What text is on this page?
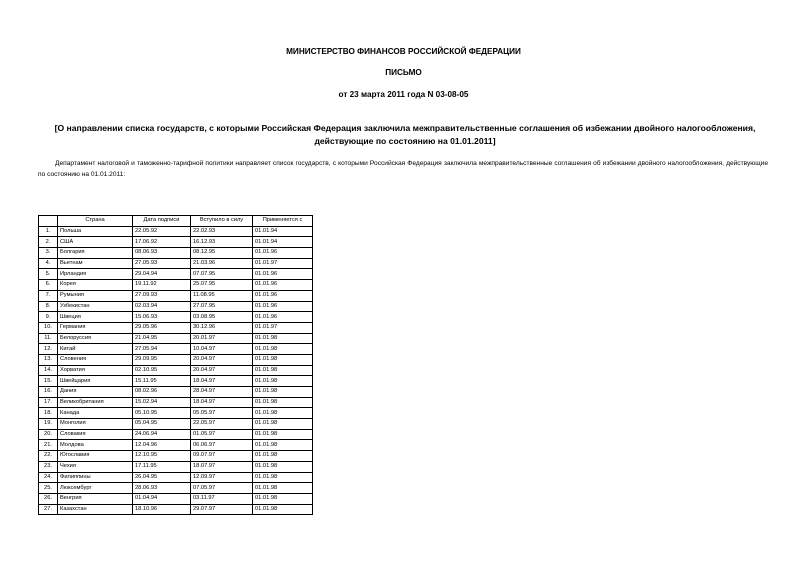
МИНИСТЕРСТВО ФИНАНСОВ РОССИЙСКОЙ ФЕДЕРАЦИИ
ПИСЬМО
от 23 марта 2011 года N 03-08-05
[О направлении списка государств, с которыми Российская Федерация заключила межправительственные соглашения об избежании двойного налогообложения, действующие по состоянию на 01.01.2011]
Департамент налоговой и таможенно-тарифной политики направляет список государств, с которыми Российская Федерация заключила межправительственные соглашения об избежании двойного налогообложения, действующие по состоянию на 01.01.2011:
	Страна	Дата подписи	Вступило в силу	Применяется с
1.	Польша	22.05.92	22.02.93	01.01.94
2.	США	17.06.92	16.12.93	01.01.94
3.	Болгария	08.06.93	08.12.95	01.01.96
4.	Вьетнам	27.05.93	21.03.96	01.01.97
5.	Ирландия	29.04.94	07.07.95	01.01.96
6.	Корея	19.11.92	25.07.95	01.01.96
7.	Румыния	27.09.93	11.08.95	01.01.96
8.	Узбекистан	02.03.94	27.07.95	01.01.96
9.	Швеция	15.06.93	03.08.95	01.01.96
10.	Германия	29.05.96	30.12.96	01.01.97
11.	Белоруссия	21.04.95	20.01.97	01.01.98
12.	Китай	27.05.94	10.04.97	01.01.98
13.	Словения	29.09.95	20.04.97	01.01.98
14.	Хорватия	02.10.95	20.04.97	01.01.98
15.	Швейцария	15.11.95	18.04.97	01.01.98
16.	Дания	08.02.96	28.04.97	01.01.98
17.	Великобритания	15.02.94	18.04.97	01.01.98
18.	Канада	05.10.95	05.05.97	01.01.98
19.	Монголия	05.04.95	22.05.97	01.01.98
20.	Словакия	24.06.94	01.05.97	01.01.98
21.	Молдова	12.04.96	06.06.97	01.01.98
22.	Югославия	12.10.95	09.07.97	01.01.98
23.	Чехия	17.11.95	18.07.97	01.01.98
24.	Филиппины	26.04.95	12.09.97	01.01.98
25.	Люксембург	28.06.93	07.05.97	01.01.98
26.	Венгрия	01.04.94	03.11.97	01.01.98
27.	Казахстан	18.10.96	29.07.97	01.01.98
